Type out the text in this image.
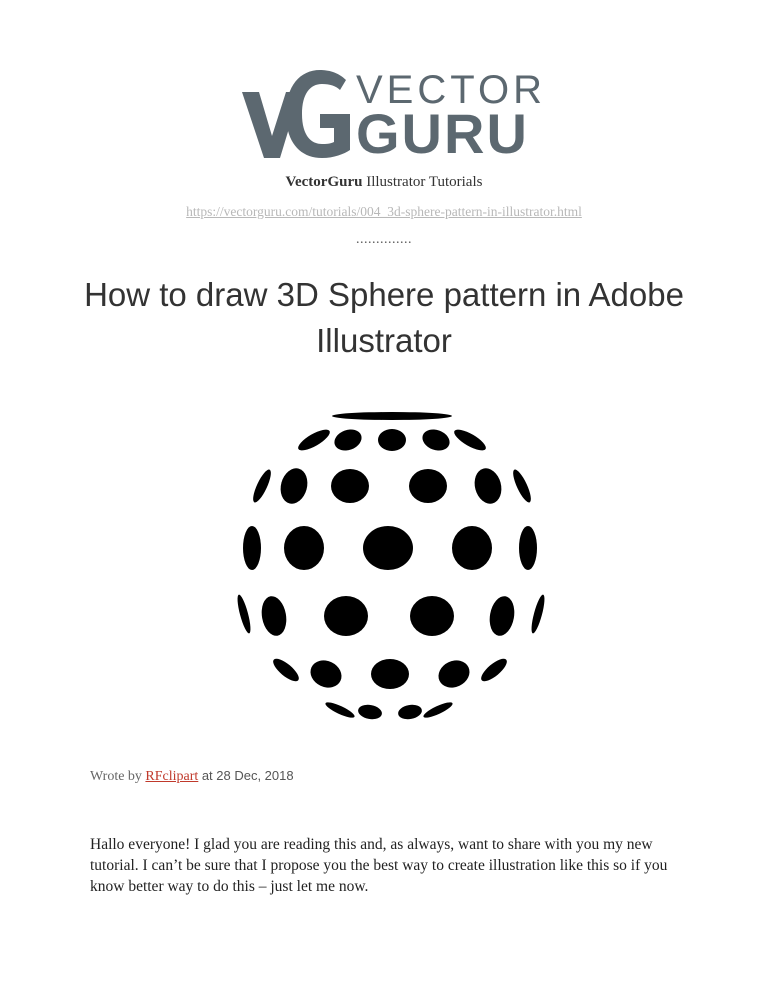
VECTOR
GURU
VectorGuru Illustrator Tutorials
https://vectorguru.com/tutorials/004_3d-sphere-pattern-in-illustrator.html
..............
How to draw 3D Sphere pattern in Adobe Illustrator
Wrote by RFclipart at 28 Dec, 2018

Hallo everyone! I glad you are reading this and, as always, want to share with you my new tutorial. I can’t be sure that I propose you the best way to create illustration like this so if you know better way to do this – just let me now.
